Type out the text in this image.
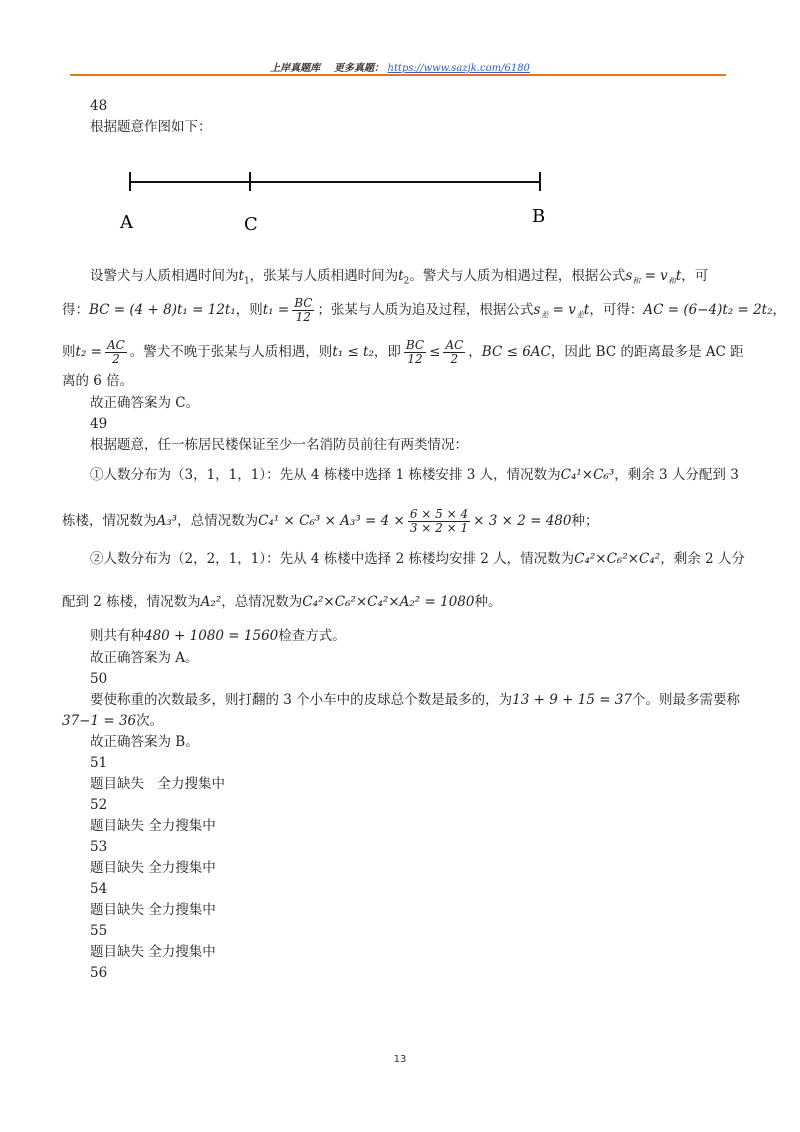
上岸真题库 更多真题： https://www.sazjk.com/6180
48
根据题意作图如下：
A	C	B
设警犬与人质相遇时间为$t_1$，张某与人质相遇时间为$t_2$。警犬与人质为相遇过程，根据公式$s_和 = v_和t$，可
得：BC = (4 + 8)t₁ = 12t₁，则$t_1 = \frac{BC}{12}$ ；张某与人质为追及过程，根据公式$s_差 = v_差t$，可得：AC = (6−4)t₂ = 2t₂，
则$t_2 = \frac{AC}{2}$ 。警犬不晚于张某与人质相遇，则t₁ ≤ t₂，即 $\frac{BC}{12} \le \frac{AC}{2}$ ，BC ≤ 6AC，因此 BC 的距离最多是 AC 距
离的 6 倍。
故正确答案为 C。
49
根据题意，任一栋居民楼保证至少一名消防员前往有两类情况：
①人数分布为（3，1，1，1）：先从 4 栋楼中选择 1 栋楼安排 3 人，情况数为C₄¹×C₆³，剩余 3 人分配到 3
栋楼，情况数为A₃³，总情况数为$C_4^1 \times C_6^3 \times A_3^3 = 4 \times \frac{6 \times 5 \times 4}{3 \times 2 \times 1} \times 3 \times 2 = 480$种；
②人数分布为（2，2，1，1）：先从 4 栋楼中选择 2 栋楼均安排 2 人，情况数为C₄²×C₆²×C₄²，剩余 2 人分
配到 2 栋楼，情况数为A₂²，总情况数为C₄²×C₆²×C₄²×A₂² = 1080种。
则共有种480 + 1080 = 1560检查方式。
故正确答案为 A。
50
要使称重的次数最多，则打翻的 3 个小车中的皮球总个数是最多的，为13 + 9 + 15 = 37个。则最多需要称
37−1 = 36次。
故正确答案为 B。
51
题目缺失　全力搜集中
52
题目缺失 全力搜集中
53
题目缺失 全力搜集中
54
题目缺失 全力搜集中
55
题目缺失 全力搜集中
56
13
